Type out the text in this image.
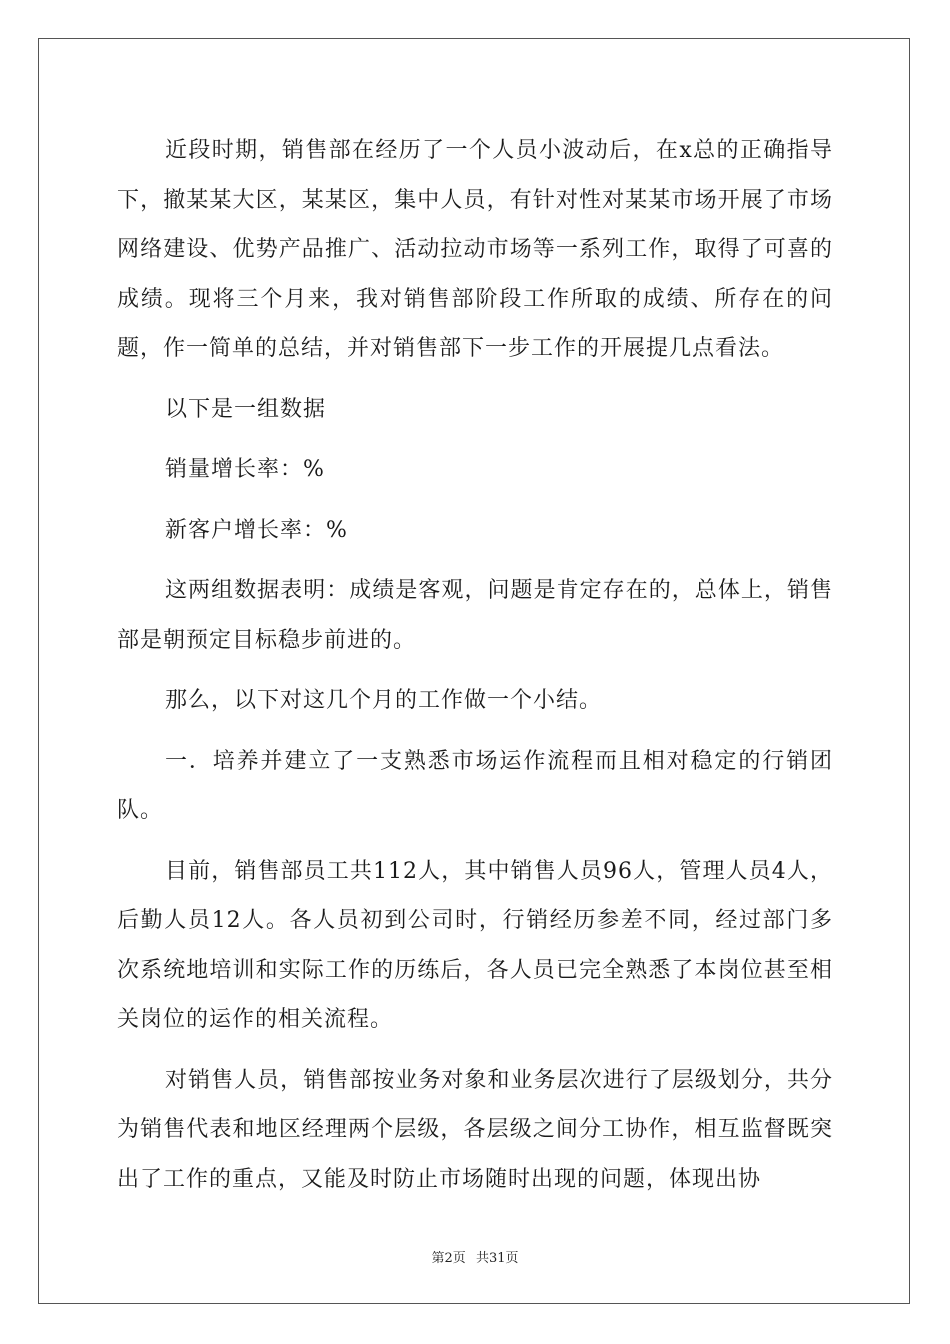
近段时期，销售部在经历了一个人员小波动后，在x总的正确指导下，撤某某大区，某某区，集中人员，有针对性对某某市场开展了市场网络建设、优势产品推广、活动拉动市场等一系列工作，取得了可喜的成绩。现将三个月来，我对销售部阶段工作所取的成绩、所存在的问题，作一简单的总结，并对销售部下一步工作的开展提几点看法。

以下是一组数据

销量增长率：%

新客户增长率：%

这两组数据表明：成绩是客观，问题是肯定存在的，总体上，销售部是朝预定目标稳步前进的。

那么，以下对这几个月的工作做一个小结。

一．培养并建立了一支熟悉市场运作流程而且相对稳定的行销团队。

目前，销售部员工共112人，其中销售人员96人，管理人员4人，后勤人员12人。各人员初到公司时，行销经历参差不同，经过部门多次系统地培训和实际工作的历练后，各人员已完全熟悉了本岗位甚至相关岗位的运作的相关流程。

对销售人员，销售部按业务对象和业务层次进行了层级划分，共分为销售代表和地区经理两个层级，各层级之间分工协作，相互监督既突出了工作的重点，又能及时防止市场随时出现的问题，体现出协

第2页 共31页
